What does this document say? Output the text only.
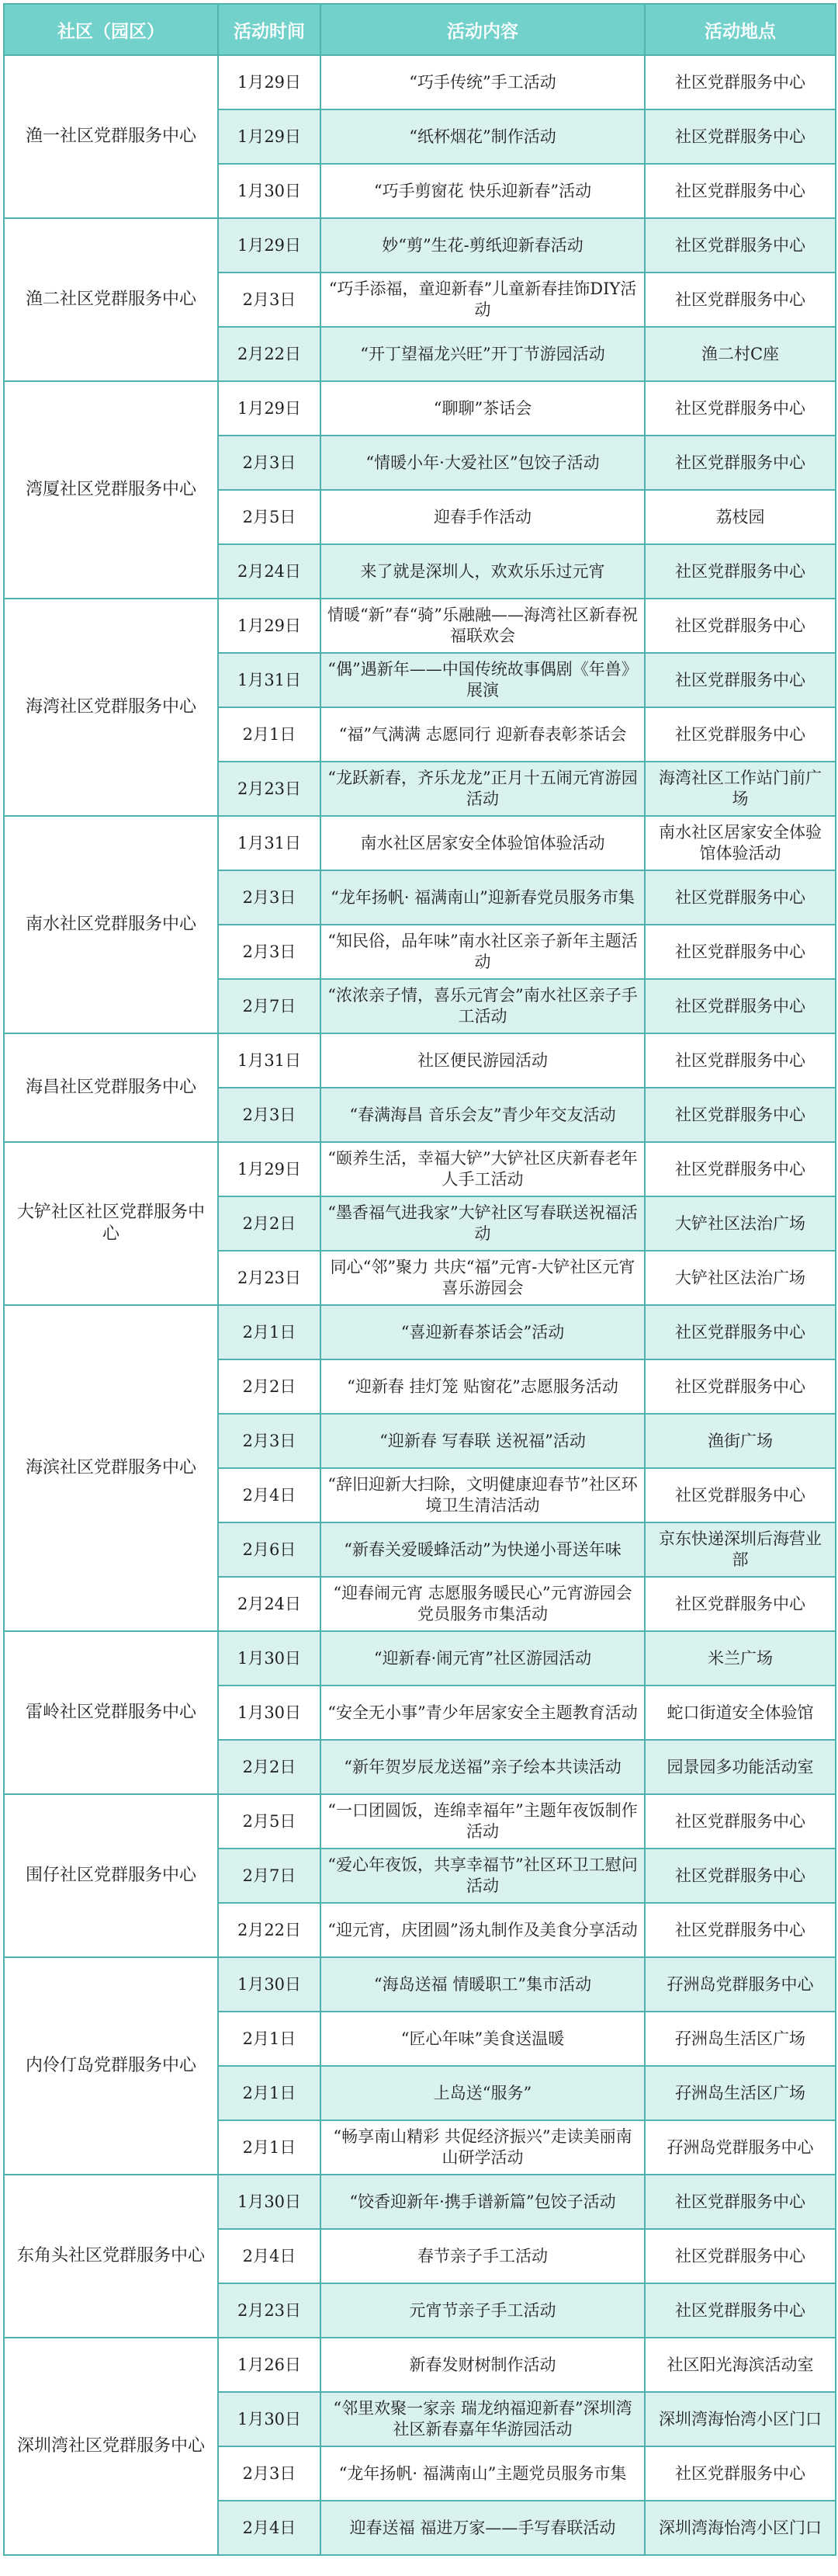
社区（园区）	活动时间	活动内容	活动地点
渔一社区党群服务中心	1月29日	“巧手传统”手工活动	社区党群服务中心
	1月29日	“纸杯烟花”制作活动	社区党群服务中心
	1月30日	“巧手剪窗花 快乐迎新春”活动	社区党群服务中心
渔二社区党群服务中心	1月29日	妙“剪”生花-剪纸迎新春活动	社区党群服务中心
	2月3日	“巧手添福，童迎新春”儿童新春挂饰DIY活动	社区党群服务中心
	2月22日	“开丁望福龙兴旺”开丁节游园活动	渔二村C座
湾厦社区党群服务中心	1月29日	“聊聊”茶话会	社区党群服务中心
	2月3日	“情暖小年·大爱社区”包饺子活动	社区党群服务中心
	2月5日	迎春手作活动	荔枝园
	2月24日	来了就是深圳人，欢欢乐乐过元宵	社区党群服务中心
海湾社区党群服务中心	1月29日	情暖“新”春“骑”乐融融——海湾社区新春祝福联欢会	社区党群服务中心
	1月31日	“偶”遇新年——中国传统故事偶剧《年兽》展演	社区党群服务中心
	2月1日	“福”气满满 志愿同行 迎新春表彰茶话会	社区党群服务中心
	2月23日	“龙跃新春，齐乐龙龙”正月十五闹元宵游园活动	海湾社区工作站门前广场
南水社区党群服务中心	1月31日	南水社区居家安全体验馆体验活动	南水社区居家安全体验馆体验活动
	2月3日	“龙年扬帆· 福满南山”迎新春党员服务市集	社区党群服务中心
	2月3日	“知民俗，品年味”南水社区亲子新年主题活动	社区党群服务中心
	2月7日	“浓浓亲子情，喜乐元宵会”南水社区亲子手工活动	社区党群服务中心
海昌社区党群服务中心	1月31日	社区便民游园活动	社区党群服务中心
	2月3日	“春满海昌 音乐会友”青少年交友活动	社区党群服务中心
大铲社区社区党群服务中心	1月29日	“颐养生活，幸福大铲”大铲社区庆新春老年人手工活动	社区党群服务中心
	2月2日	“墨香福气进我家”大铲社区写春联送祝福活动	大铲社区法治广场
	2月23日	同心“邻”聚力 共庆“福”元宵-大铲社区元宵喜乐游园会	大铲社区法治广场
海滨社区党群服务中心	2月1日	“喜迎新春茶话会”活动	社区党群服务中心
	2月2日	“迎新春 挂灯笼 贴窗花”志愿服务活动	社区党群服务中心
	2月3日	“迎新春 写春联 送祝福”活动	渔街广场
	2月4日	“辞旧迎新大扫除，文明健康迎春节”社区环境卫生清洁活动	社区党群服务中心
	2月6日	“新春关爱暖蜂活动”为快递小哥送年味	京东快递深圳后海营业部
	2月24日	“迎春闹元宵 志愿服务暖民心”元宵游园会党员服务市集活动	社区党群服务中心
雷岭社区党群服务中心	1月30日	“迎新春·闹元宵”社区游园活动	米兰广场
	1月30日	“安全无小事”青少年居家安全主题教育活动	蛇口街道安全体验馆
	2月2日	“新年贺岁辰龙送福”亲子绘本共读活动	园景园多功能活动室
围仔社区党群服务中心	2月5日	“一口团圆饭，连绵幸福年”主题年夜饭制作活动	社区党群服务中心
	2月7日	“爱心年夜饭，共享幸福节”社区环卫工慰问活动	社区党群服务中心
	2月22日	“迎元宵，庆团圆”汤丸制作及美食分享活动	社区党群服务中心
内伶仃岛党群服务中心	1月30日	“海岛送福 情暖职工”集市活动	孖洲岛党群服务中心
	2月1日	“匠心年味”美食送温暖	孖洲岛生活区广场
	2月1日	上岛送“服务”	孖洲岛生活区广场
	2月1日	“畅享南山精彩 共促经济振兴”走读美丽南山研学活动	孖洲岛党群服务中心
东角头社区党群服务中心	1月30日	“饺香迎新年·携手谱新篇”包饺子活动	社区党群服务中心
	2月4日	春节亲子手工活动	社区党群服务中心
	2月23日	元宵节亲子手工活动	社区党群服务中心
深圳湾社区党群服务中心	1月26日	新春发财树制作活动	社区阳光海滨活动室
	1月30日	“邻里欢聚一家亲 瑞龙纳福迎新春”深圳湾社区新春嘉年华游园活动	深圳湾海怡湾小区门口
	2月3日	“龙年扬帆· 福满南山”主题党员服务市集	社区党群服务中心
	2月4日	迎春送福 福进万家——手写春联活动	深圳湾海怡湾小区门口
